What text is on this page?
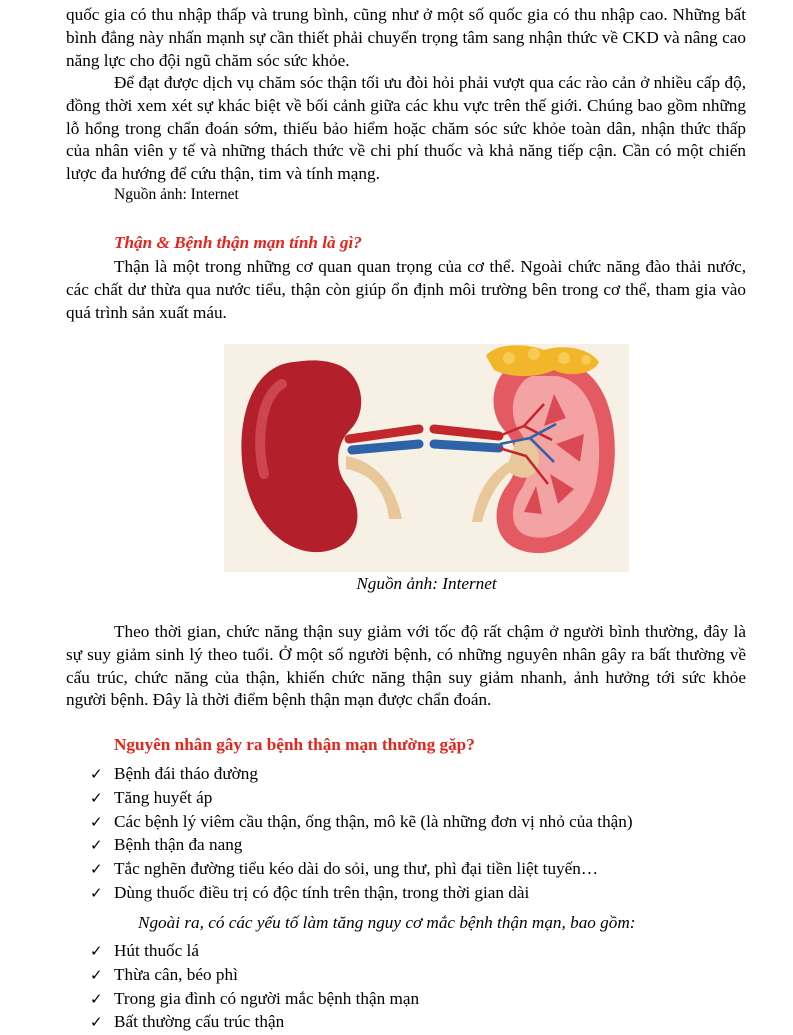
quốc gia có thu nhập thấp và trung bình, cũng như ở một số quốc gia có thu nhập cao. Những bất bình đẳng này nhấn mạnh sự cần thiết phải chuyển trọng tâm sang nhận thức về CKD và nâng cao năng lực cho đội ngũ chăm sóc sức khỏe.

Để đạt được dịch vụ chăm sóc thận tối ưu đòi hỏi phải vượt qua các rào cản ở nhiều cấp độ, đồng thời xem xét sự khác biệt về bối cảnh giữa các khu vực trên thế giới. Chúng bao gồm những lỗ hổng trong chẩn đoán sớm, thiếu bảo hiểm hoặc chăm sóc sức khỏe toàn dân, nhận thức thấp của nhân viên y tế và những thách thức về chi phí thuốc và khả năng tiếp cận. Cần có một chiến lược đa hướng để cứu thận, tim và tính mạng.

Nguồn ảnh: Internet

Thận & Bệnh thận mạn tính là gì?

Thận là một trong những cơ quan quan trọng của cơ thể. Ngoài chức năng đào thải nước, các chất dư thừa qua nước tiểu, thận còn giúp ổn định môi trường bên trong cơ thể, tham gia vào quá trình sản xuất máu.

Nguồn ảnh: Internet

Theo thời gian, chức năng thận suy giảm với tốc độ rất chậm ở người bình thường, đây là sự suy giảm sinh lý theo tuổi. Ở một số người bệnh, có những nguyên nhân gây ra bất thường về cấu trúc, chức năng của thận, khiến chức năng thận suy giảm nhanh, ảnh hưởng tới sức khỏe người bệnh. Đây là thời điểm bệnh thận mạn được chẩn đoán.

Nguyên nhân gây ra bệnh thận mạn thường gặp?

✓ Bệnh đái tháo đường
✓ Tăng huyết áp
✓ Các bệnh lý viêm cầu thận, ống thận, mô kẽ (là những đơn vị nhỏ của thận)
✓ Bệnh thận đa nang
✓ Tắc nghẽn đường tiểu kéo dài do sỏi, ung thư, phì đại tiền liệt tuyến…
✓ Dùng thuốc điều trị có độc tính trên thận, trong thời gian dài

Ngoài ra, có các yếu tố làm tăng nguy cơ mắc bệnh thận mạn, bao gồm:

✓ Hút thuốc lá
✓ Thừa cân, béo phì
✓ Trong gia đình có người mắc bệnh thận mạn
✓ Bất thường cấu trúc thận
